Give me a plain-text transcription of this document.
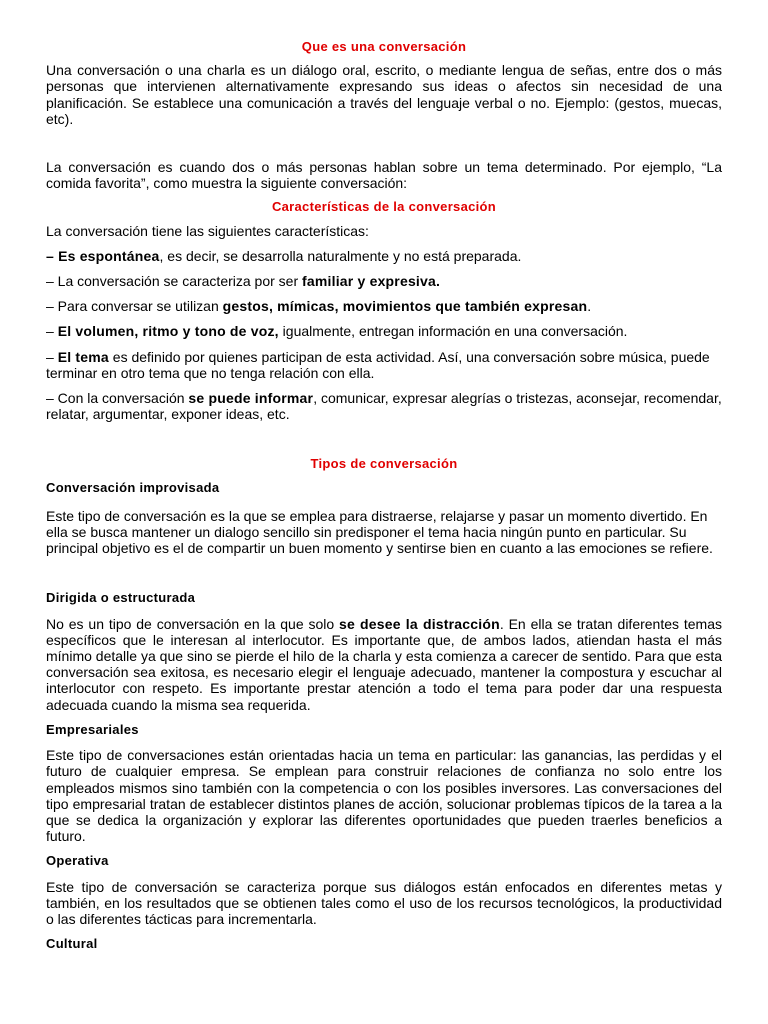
Que es una conversación

Una conversación o una charla es un diálogo oral, escrito, o mediante lengua de señas, entre dos o más personas que intervienen alternativamente expresando sus ideas o afectos sin necesidad de una planificación. Se establece una comunicación a través del lenguaje verbal o no. Ejemplo: (gestos, muecas, etc).

La conversación es cuando dos o más personas hablan sobre un tema determinado. Por ejemplo, “La comida favorita”, como muestra la siguiente conversación:

Características de la conversación

La conversación tiene las siguientes características:

– Es espontánea, es decir, se desarrolla naturalmente y no está preparada.

– La conversación se caracteriza por ser familiar y expresiva.

– Para conversar se utilizan gestos, mímicas, movimientos que también expresan.

– El volumen, ritmo y tono de voz, igualmente, entregan información en una conversación.

– El tema es definido por quienes participan de esta actividad. Así, una conversación sobre música, puede terminar en otro tema que no tenga relación con ella.

– Con la conversación se puede informar, comunicar, expresar alegrías o tristezas, aconsejar, recomendar, relatar, argumentar, exponer ideas, etc.

Tipos de conversación
Conversación improvisada

Este tipo de conversación es la que se emplea para distraerse, relajarse y pasar un momento divertido. En ella se busca mantener un dialogo sencillo sin predisponer el tema hacia ningún punto en particular. Su principal objetivo es el de compartir un buen momento y sentirse bien en cuanto a las emociones se refiere.

Dirigida o estructurada

No es un tipo de conversación en la que solo se desee la distracción. En ella se tratan diferentes temas específicos que le interesan al interlocutor. Es importante que, de ambos lados, atiendan hasta el más mínimo detalle ya que sino se pierde el hilo de la charla y esta comienza a carecer de sentido. Para que esta conversación sea exitosa, es necesario elegir el lenguaje adecuado, mantener la compostura y escuchar al interlocutor con respeto. Es importante prestar atención a todo el tema para poder dar una respuesta adecuada cuando la misma sea requerida.

Empresariales

Este tipo de conversaciones están orientadas hacia un tema en particular: las ganancias, las perdidas y el futuro de cualquier empresa. Se emplean para construir relaciones de confianza no solo entre los empleados mismos sino también con la competencia o con los posibles inversores. Las conversaciones del tipo empresarial tratan de establecer distintos planes de acción, solucionar problemas típicos de la tarea a la que se dedica la organización y explorar las diferentes oportunidades que pueden traerles beneficios a futuro.

Operativa

Este tipo de conversación se caracteriza porque sus diálogos están enfocados en diferentes metas y también, en los resultados que se obtienen tales como el uso de los recursos tecnológicos, la productividad o las diferentes tácticas para incrementarla.

Cultural
